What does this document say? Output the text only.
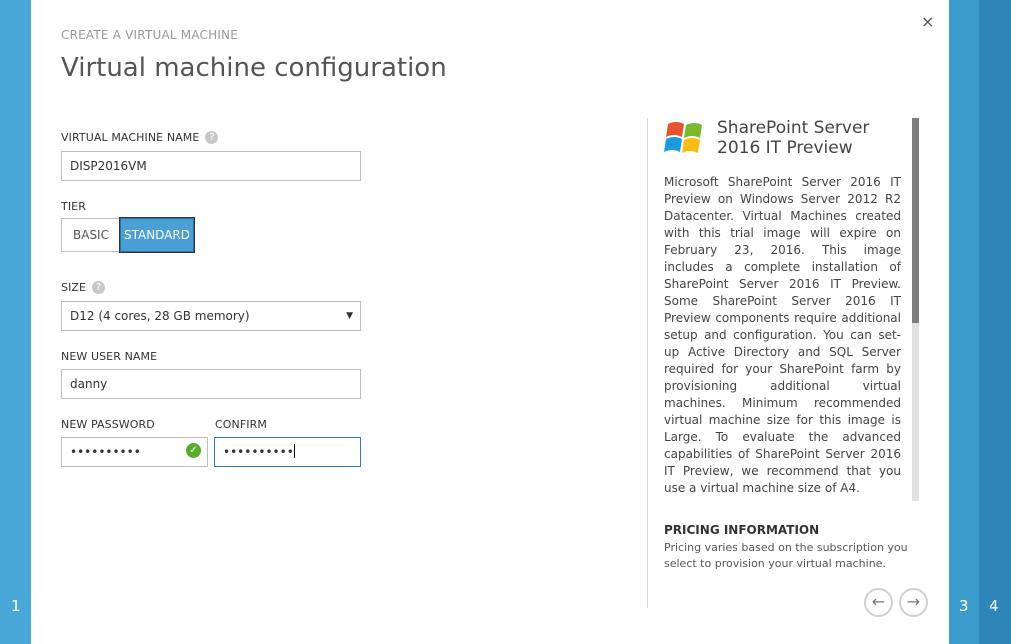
1	3 4
×
CREATE A VIRTUAL MACHINE
Virtual machine configuration
VIRTUAL MACHINE NAME ?
DISP2016VM
TIER
BASIC	STANDARD
SIZE ?
D12 (4 cores, 28 GB memory)	▼
NEW USER NAME
danny
NEW PASSWORD
••••••••••	✓
CONFIRM
••••••••••
SharePoint Server 2016 IT Preview
Microsoft SharePoint Server 2016 IT Preview on Windows Server 2012 R2 Datacenter. Virtual Machines created with this trial image will expire on February 23, 2016. This image includes a complete installation of SharePoint Server 2016 IT Preview. Some SharePoint Server 2016 IT Preview components require additional setup and configuration. You can set-up Active Directory and SQL Server required for your SharePoint farm by provisioning additional virtual machines. Minimum recommended virtual machine size for this image is Large. To evaluate the advanced capabilities of SharePoint Server 2016 IT Preview, we recommend that you use a virtual machine size of A4.
PRICING INFORMATION
Pricing varies based on the subscription you select to provision your virtual machine.
←	→
